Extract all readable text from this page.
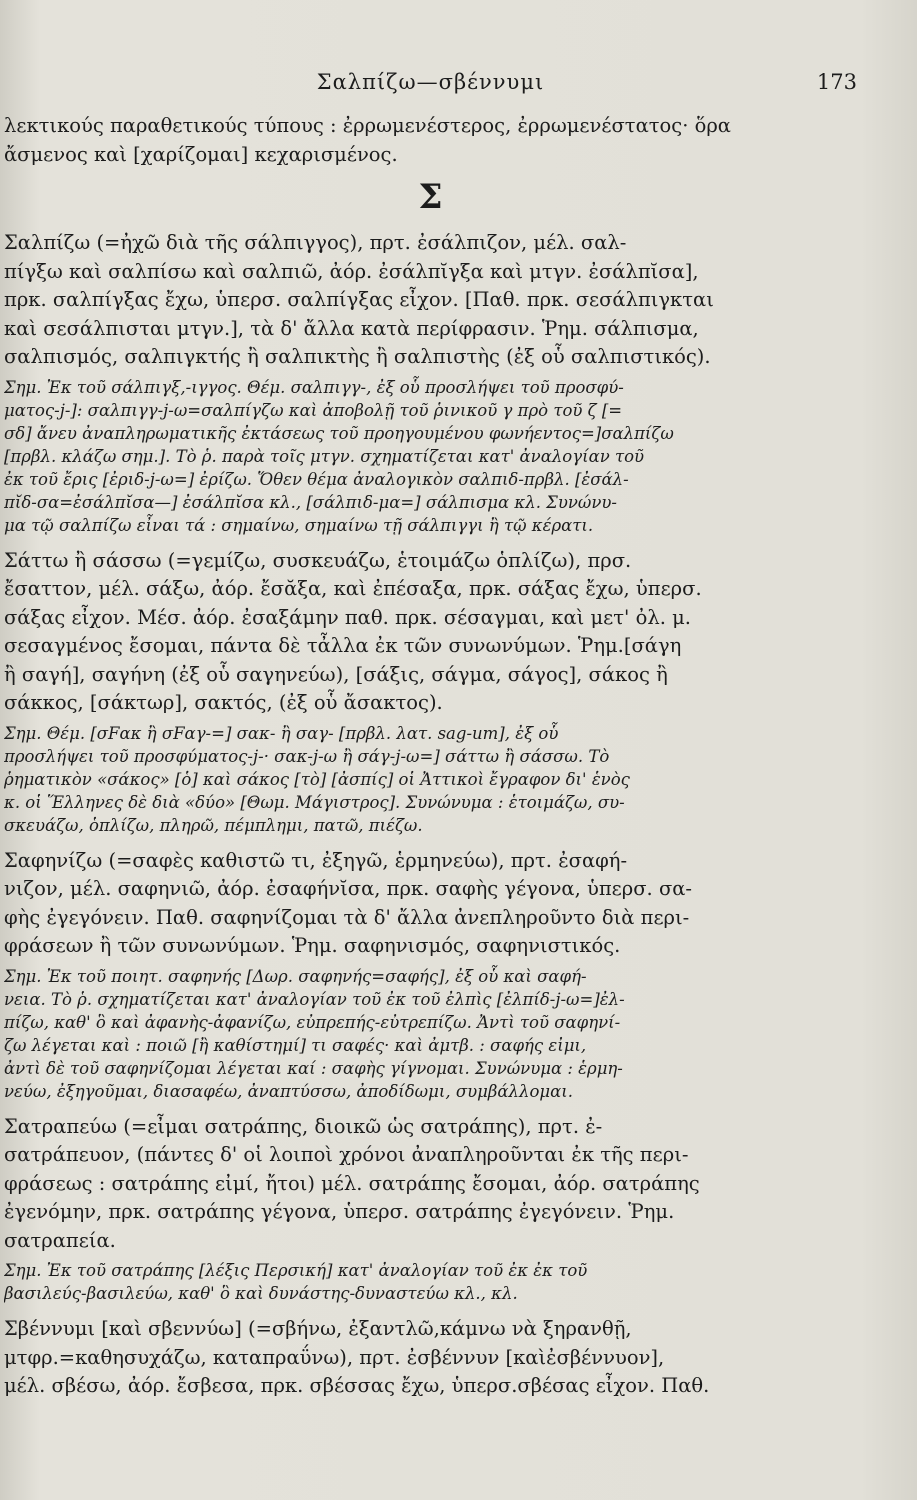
Σαλπίζω—σβέννυμι	173
λεκτικούς παραθετικούς τύπους : ἐρρωμενέστερος, ἐρρωμενέστατος· ὅρα
ἄσμενος καὶ [χαρίζομαι] κεχαρισμένος.
Σ
Σαλπίζω (=ἠχῶ διὰ τῆς σάλπιγγος), πρτ. ἐσάλπιζον, μέλ. σαλ-
πίγξω καὶ σαλπίσω καὶ σαλπιῶ, ἀόρ. ἐσάλπῐγξα καὶ μτγν. ἐσάλπῐσα],
πρκ. σαλπίγξας ἔχω, ὑπερσ. σαλπίγξας εἶχον. [Παθ. πρκ. σεσάλπιγκται
καὶ σεσάλπισται μτγν.], τὰ δ' ἄλλα κατὰ περίφρασιν. Ῥημ. σάλπισμα,
σαλπισμός, σαλπιγκτής ἢ σαλπικτὴς ἢ σαλπιστὴς (ἐξ οὗ σαλπιστικός).
Σημ. Ἐκ τοῦ σάλπιγξ,-ιγγος. Θέμ. σαλπιγγ-, ἐξ οὗ προσλήψει τοῦ προσφύ-
ματος-j-]: σαλπιγγ-j-ω=σαλπίγζω καὶ ἀποβολῇ τοῦ ῥινικοῦ γ πρὸ τοῦ ζ [=
σδ] ἄνευ ἀναπληρωματικῆς ἐκτάσεως τοῦ προηγουμένου φωνήεντος=]σαλπίζω
[πρβλ. κλάζω σημ.]. Τὸ ῥ. παρὰ τοῖς μτγν. σχηματίζεται κατ' ἀναλογίαν τοῦ
ἐκ τοῦ ἔρις [ἐριδ-j-ω=] ἐρίζω. Ὅθεν θέμα ἀναλογικὸν σαλπιδ-πρβλ. [ἐσάλ-
πῐδ-σα=ἐσάλπῐσα—] ἐσάλπῐσα κλ., [σάλπιδ-μα=] σάλπισμα κλ. Συνώνυ-
μα τῷ σαλπίζω εἶναι τά : σημαίνω, σημαίνω τῇ σάλπιγγι ἢ τῷ κέρατι.
Σάττω ἢ σάσσω (=γεμίζω, συσκευάζω, ἑτοιμάζω ὁπλίζω), πρσ.
ἔσαττον, μέλ. σάξω, ἀόρ. ἔσᾰξα, καὶ ἐπέσαξα, πρκ. σάξας ἔχω, ὑπερσ.
σάξας εἶχον. Μέσ. ἀόρ. ἐσαξάμην παθ. πρκ. σέσαγμαι, καὶ μετ' ὀλ. μ.
σεσαγμένος ἔσομαι, πάντα δὲ τἆλλα ἐκ τῶν συνωνύμων. Ῥημ.[σάγη
ἢ σαγή], σαγήνη (ἐξ οὗ σαγηνεύω), [σάξις, σάγμα, σάγος], σάκος ἢ
σάκκος, [σάκτωρ], σακτός, (ἐξ οὗ ἄσακτος).
Σημ. Θέμ. [σFακ ἢ σFαγ-=] σακ- ἢ σαγ- [πρβλ. λατ. sag-um], ἐξ οὗ
προσλήψει τοῦ προσφύματος-j-· σακ-j-ω ἢ σάγ-j-ω=] σάττω ἢ σάσσω. Τὸ
ῥηματικὸν «σάκος» [ὁ] καὶ σάκος [τὸ] [ἀσπίς] οἱ Ἀττικοὶ ἔγραφον δι' ἑνὸς
κ. οἱ Ἕλληνες δὲ διὰ «δύο» [Θωμ. Μάγιστρος]. Συνώνυμα : ἑτοιμάζω, συ-
σκευάζω, ὁπλίζω, πληρῶ, πέμπλημι, πατῶ, πιέζω.
Σαφηνίζω (=σαφὲς καθιστῶ τι, ἐξηγῶ, ἑρμηνεύω), πρτ. ἐσαφή-
νιζον, μέλ. σαφηνιῶ, ἀόρ. ἐσαφήνῐσα, πρκ. σαφὴς γέγονα, ὑπερσ. σα-
φὴς ἐγεγόνειν. Παθ. σαφηνίζομαι τὰ δ' ἄλλα ἀνεπληροῦντο διὰ περι-
φράσεων ἢ τῶν συνωνύμων. Ῥημ. σαφηνισμός, σαφηνιστικός.
Σημ. Ἐκ τοῦ ποιητ. σαφηνής [Δωρ. σαφηνής=σαφής], ἐξ οὗ καὶ σαφή-
νεια. Τὸ ῥ. σχηματίζεται κατ' ἀναλογίαν τοῦ ἐκ τοῦ ἐλπὶς [ἐλπίδ-j-ω=]ἐλ-
πίζω, καθ' ὃ καὶ ἀφανὴς-ἀφανίζω, εὐπρεπής-εὐτρεπίζω. Ἀντὶ τοῦ σαφηνί-
ζω λέγεται καὶ : ποιῶ [ἢ καθίστημί] τι σαφές· καὶ ἀμτβ. : σαφής εἰμι,
ἀντὶ δὲ τοῦ σαφηνίζομαι λέγεται καί : σαφὴς γίγνομαι. Συνώνυμα : ἑρμη-
νεύω, ἐξηγοῦμαι, διασαφέω, ἀναπτύσσω, ἀποδίδωμι, συμβάλλομαι.
Σατραπεύω (=εἶμαι σατράπης, διοικῶ ὡς σατράπης), πρτ. ἐ-
σατράπευον, (πάντες δ' οἱ λοιποὶ χρόνοι ἀναπληροῦνται ἐκ τῆς περι-
φράσεως : σατράπης εἰμί, ἤτοι) μέλ. σατράπης ἔσομαι, ἀόρ. σατράπης
ἐγενόμην, πρκ. σατράπης γέγονα, ὑπερσ. σατράπης ἐγεγόνειν. Ῥημ.
σατραπεία.
Σημ. Ἐκ τοῦ σατράπης [λέξις Περσική] κατ' ἀναλογίαν τοῦ ἐκ ἐκ τοῦ
βασιλεύς-βασιλεύω, καθ' ὃ καὶ δυνάστης-δυναστεύω κλ., κλ.
Σβέννυμι [καὶ σβεννύω] (=σβήνω, ἐξαντλῶ,κάμνω νὰ ξηρανθῇ,
μτφρ.=καθησυχάζω, καταπραΰνω), πρτ. ἐσβέννυν [καὶἐσβέννυον],
μέλ. σβέσω, ἀόρ. ἔσβεσα, πρκ. σβέσσας ἔχω, ὑπερσ.σβέσας εἶχον. Παθ.
